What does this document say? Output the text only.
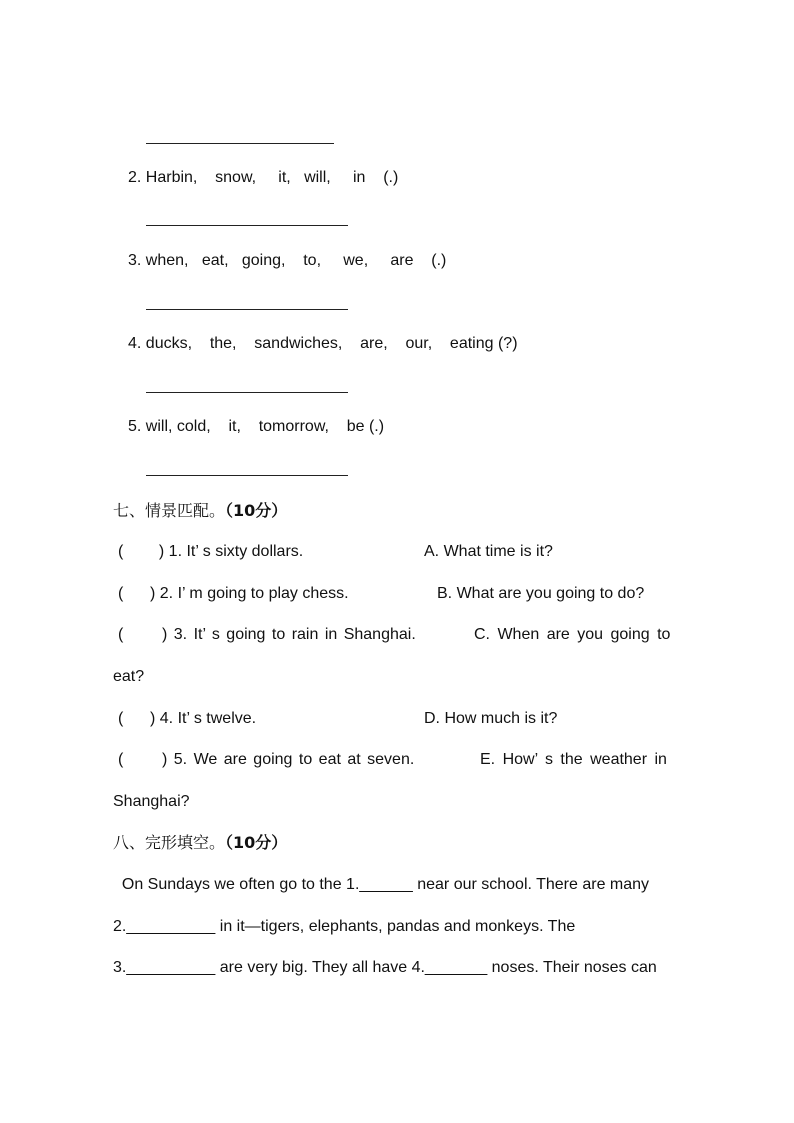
2. Harbin,    snow,     it,   will,     in    (.)
3. when,   eat,   going,    to,     we,     are    (.)
4. ducks,    the,    sandwiches,    are,    our,    eating (?)
5. will, cold,    it,    tomorrow,    be (.)
七、情景匹配。（10分）
(        ) 1. It’ s sixty dollars.	A. What time is it?
(      ) 2. I’ m going to play chess.	B. What are you going to do?
(      ) 3. It’ s going to rain in Shanghai.	C. When are you going to
eat?
(      ) 4. It’ s twelve.	D. How much is it?
(      ) 5. We are going to eat at seven.	E. How’ s the weather in
Shanghai?
八、完形填空。（10分）
On Sundays we often go to the 1.______ near our school. There are many
2.__________ in it—tigers, elephants, pandas and monkeys. The
3.__________ are very big. They all have 4._______ noses. Their noses can
